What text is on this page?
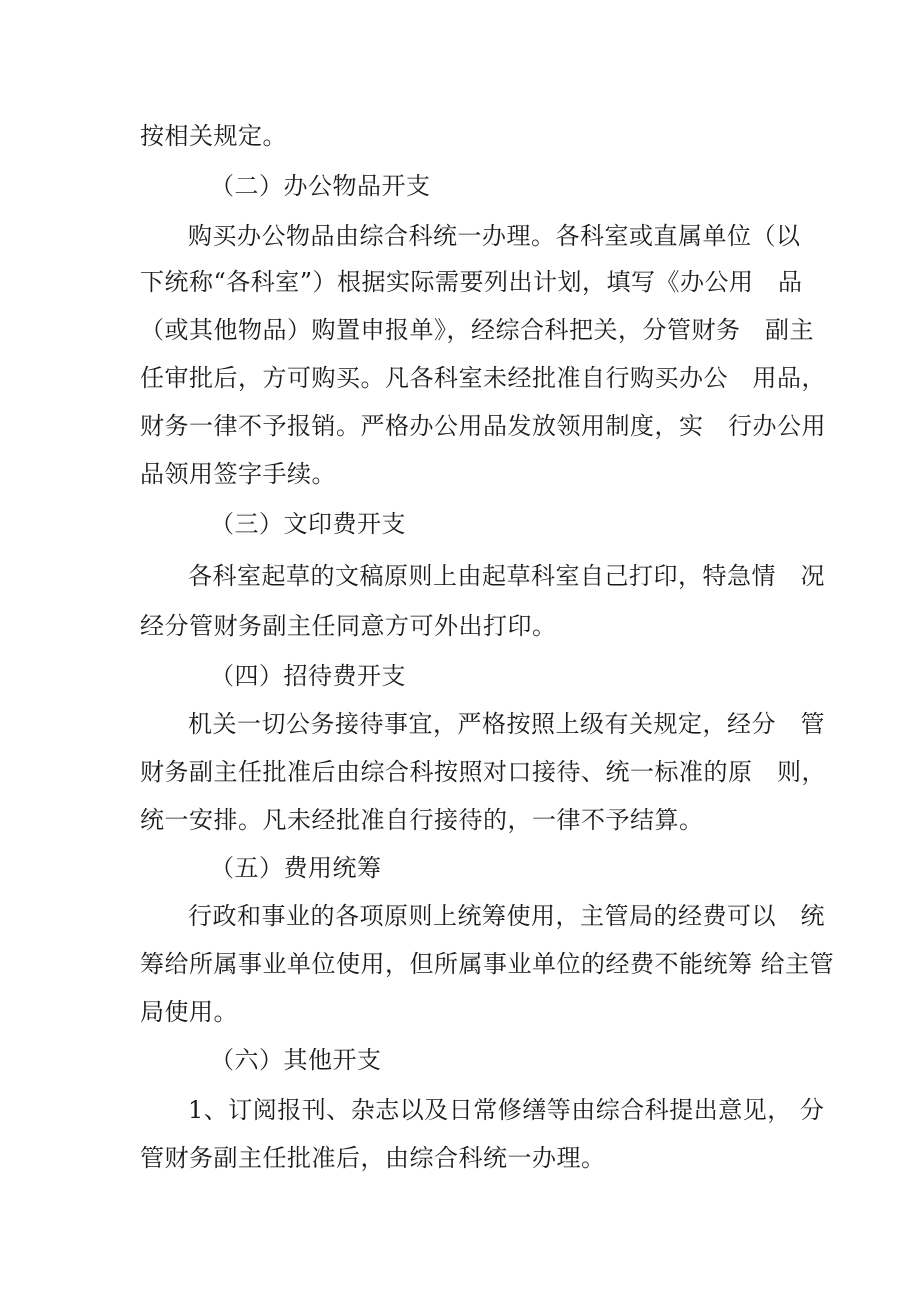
按相关规定。
（二）办公物品开支
购买办公物品由综合科统一办理。各科室或直属单位（以
下统称“各科室”）根据实际需要列出计划，填写《办公用　品
（或其他物品）购置申报单》，经综合科把关，分管财务　副主
任审批后，方可购买。凡各科室未经批准自行购买办公　用品，
财务一律不予报销。严格办公用品发放领用制度，实　行办公用
品领用签字手续。
（三）文印费开支
各科室起草的文稿原则上由起草科室自己打印，特急情　况
经分管财务副主任同意方可外出打印。
（四）招待费开支
机关一切公务接待事宜，严格按照上级有关规定，经分　管
财务副主任批准后由综合科按照对口接待、统一标准的原　则，
统一安排。凡未经批准自行接待的，一律不予结算。
（五）费用统筹
行政和事业的各项原则上统筹使用，主管局的经费可以　统
筹给所属事业单位使用，但所属事业单位的经费不能统筹 给主管
局使用。
（六）其他开支
1、订阅报刊、杂志以及日常修缮等由综合科提出意见， 分
管财务副主任批准后，由综合科统一办理。
